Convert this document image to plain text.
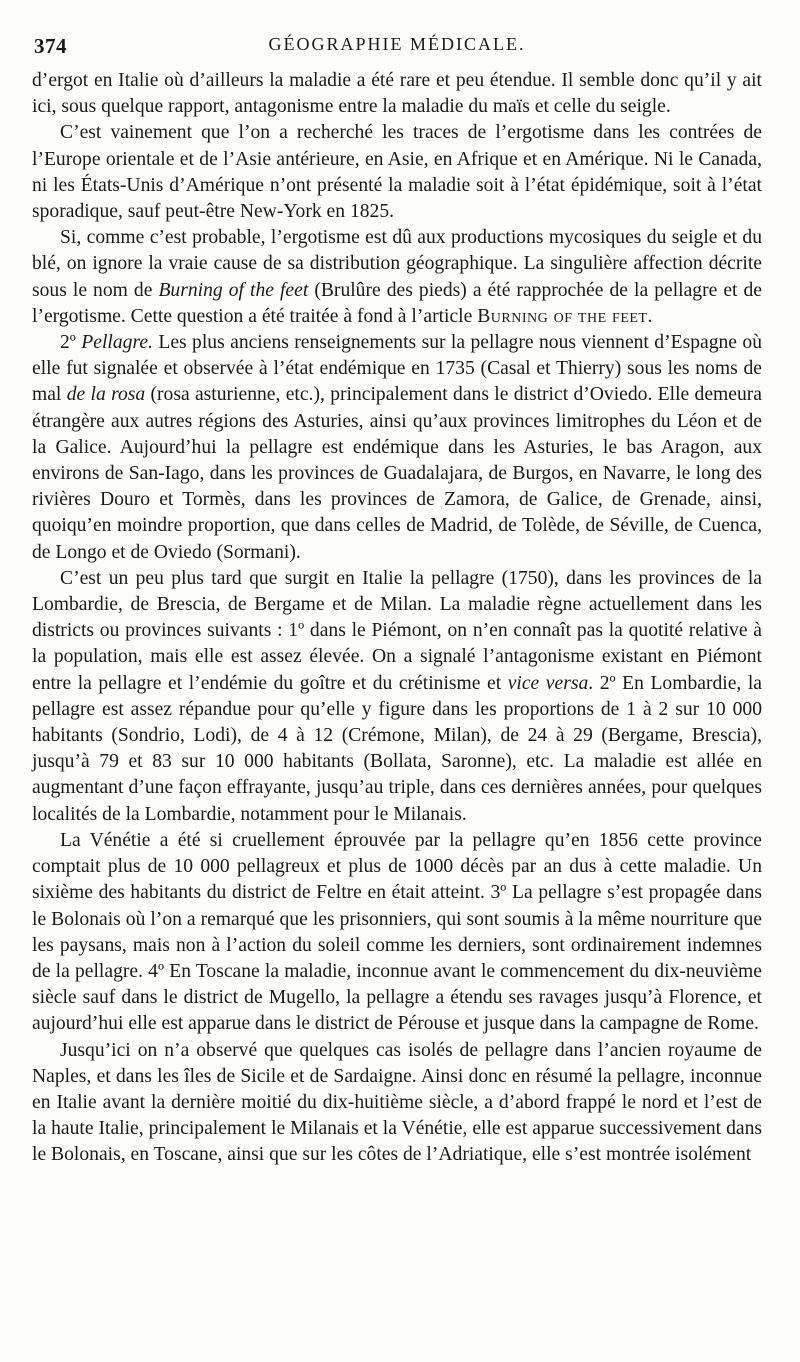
374	GÉOGRAPHIE MÉDICALE.

d’ergot en Italie où d’ailleurs la maladie a été rare et peu étendue. Il semble donc qu’il y ait ici, sous quelque rapport, antagonisme entre la maladie du maïs et celle du seigle.

C’est vainement que l’on a recherché les traces de l’ergotisme dans les contrées de l’Europe orientale et de l’Asie antérieure, en Asie, en Afrique et en Amérique. Ni le Canada, ni les États-Unis d’Amérique n’ont présenté la maladie soit à l’état épidémique, soit à l’état sporadique, sauf peut-être New-York en 1825.

Si, comme c’est probable, l’ergotisme est dû aux productions mycosiques du seigle et du blé, on ignore la vraie cause de sa distribution géographique. La singulière affection décrite sous le nom de Burning of the feet (Brulûre des pieds) a été rapprochée de la pellagre et de l’ergotisme. Cette question a été traitée à fond à l’article Burning of the feet.

2º Pellagre. Les plus anciens renseignements sur la pellagre nous viennent d’Espagne où elle fut signalée et observée à l’état endémique en 1735 (Casal et Thierry) sous les noms de mal de la rosa (rosa asturienne, etc.), principalement dans le district d’Oviedo. Elle demeura étrangère aux autres régions des Asturies, ainsi qu’aux provinces limitrophes du Léon et de la Galice. Aujourd’hui la pellagre est endémique dans les Asturies, le bas Aragon, aux environs de San-Iago, dans les provinces de Guadalajara, de Burgos, en Navarre, le long des rivières Douro et Tormès, dans les provinces de Zamora, de Galice, de Grenade, ainsi, quoiqu’en moindre proportion, que dans celles de Madrid, de Tolède, de Séville, de Cuenca, de Longo et de Oviedo (Sormani).

C’est un peu plus tard que surgit en Italie la pellagre (1750), dans les provinces de la Lombardie, de Brescia, de Bergame et de Milan. La maladie règne actuellement dans les districts ou provinces suivants : 1º dans le Piémont, on n’en connaît pas la quotité relative à la population, mais elle est assez élevée. On a signalé l’antagonisme existant en Piémont entre la pellagre et l’endémie du goître et du crétinisme et vice versa. 2º En Lombardie, la pellagre est assez répandue pour qu’elle y figure dans les proportions de 1 à 2 sur 10 000 habitants (Sondrio, Lodi), de 4 à 12 (Crémone, Milan), de 24 à 29 (Bergame, Brescia), jusqu’à 79 et 83 sur 10 000 habitants (Bollata, Saronne), etc. La maladie est allée en augmentant d’une façon effrayante, jusqu’au triple, dans ces dernières années, pour quelques localités de la Lombardie, notamment pour le Milanais.

La Vénétie a été si cruellement éprouvée par la pellagre qu’en 1856 cette province comptait plus de 10 000 pellagreux et plus de 1000 décès par an dus à cette maladie. Un sixième des habitants du district de Feltre en était atteint. 3º La pellagre s’est propagée dans le Bolonais où l’on a remarqué que les prisonniers, qui sont soumis à la même nourriture que les paysans, mais non à l’action du soleil comme les derniers, sont ordinairement indemnes de la pellagre. 4º En Toscane la maladie, inconnue avant le commencement du dix-neuvième siècle sauf dans le district de Mugello, la pellagre a étendu ses ravages jusqu’à Florence, et aujourd’hui elle est apparue dans le district de Pérouse et jusque dans la campagne de Rome.

Jusqu’ici on n’a observé que quelques cas isolés de pellagre dans l’ancien royaume de Naples, et dans les îles de Sicile et de Sardaigne. Ainsi donc en résumé la pellagre, inconnue en Italie avant la dernière moitié du dix-huitième siècle, a d’abord frappé le nord et l’est de la haute Italie, principalement le Milanais et la Vénétie, elle est apparue successivement dans le Bolonais, en Toscane, ainsi que sur les côtes de l’Adriatique, elle s’est montrée isolément
